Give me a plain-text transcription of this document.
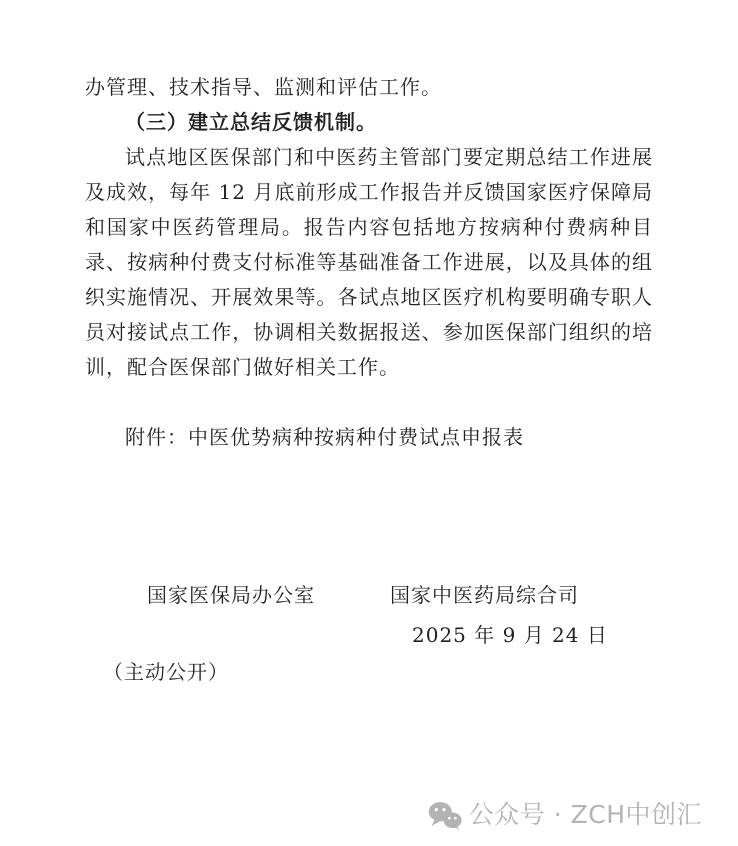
办管理、技术指导、监测和评估工作。

（三）建立总结反馈机制。

试点地区医保部门和中医药主管部门要定期总结工作进展及成效，每年 12 月底前形成工作报告并反馈国家医疗保障局和国家中医药管理局。报告内容包括地方按病种付费病种目录、按病种付费支付标准等基础准备工作进展，以及具体的组织实施情况、开展效果等。各试点地区医疗机构要明确专职人员对接试点工作，协调相关数据报送、参加医保部门组织的培训，配合医保部门做好相关工作。

附件：中医优势病种按病种付费试点申报表

国家医保局办公室	国家中医药局综合司

2025 年 9 月 24 日

（主动公开）

公众号 · ZCH中创汇
